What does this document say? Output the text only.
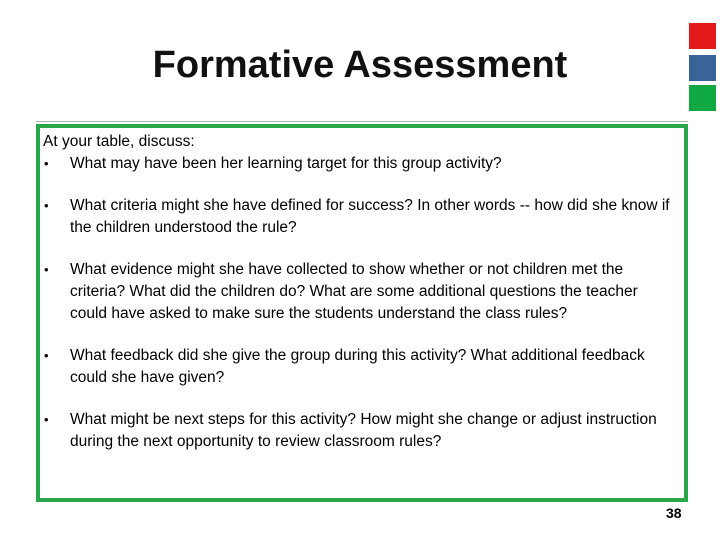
Formative Assessment

At your table, discuss:

• What may have been her learning target for this group activity?
• What criteria might she have defined for success? In other words -- how did she know if the children understood the rule?
• What evidence might she have collected to show whether or not children met the criteria? What did the children do? What are some additional questions the teacher could have asked to make sure the students understand the class rules?
• What feedback did she give the group during this activity? What additional feedback could she have given?
• What might be next steps for this activity? How might she change or adjust instruction during the next opportunity to review classroom rules?
38
